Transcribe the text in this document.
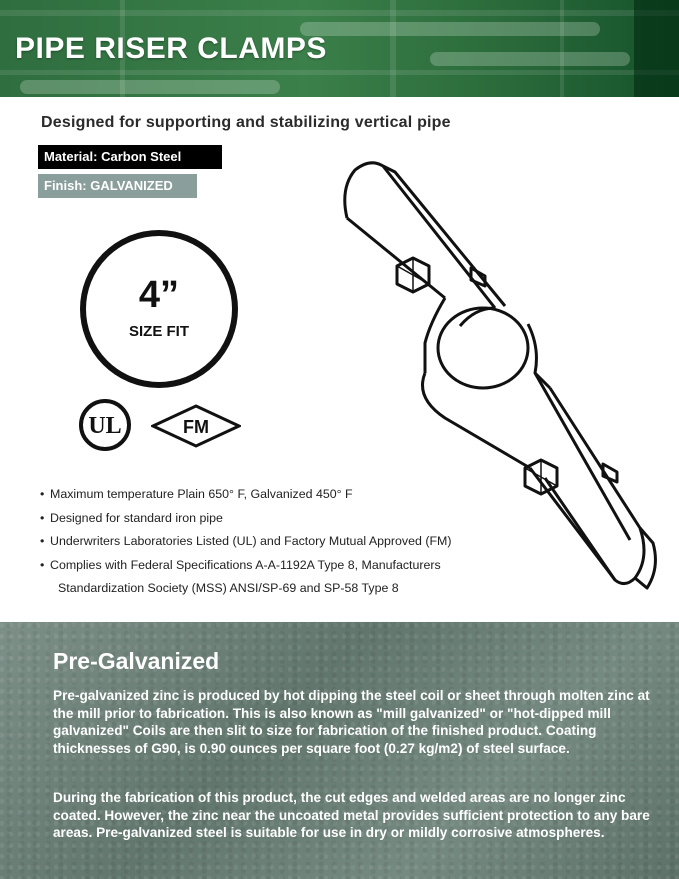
PIPE RISER CLAMPS
Designed for supporting and stabilizing vertical pipe
Material: Carbon Steel
Finish: GALVANIZED
4”
SIZE FIT
UL	FM
• Maximum temperature Plain 650° F, Galvanized 450° F
• Designed for standard iron pipe
• Underwriters Laboratories Listed (UL) and Factory Mutual Approved (FM)
• Complies with Federal Specifications A-A-1192A Type 8, Manufacturers
Standardization Society (MSS) ANSI/SP-69 and SP-58 Type 8
Pre-Galvanized
Pre-galvanized zinc is produced by hot dipping the steel coil or sheet through molten zinc at the mill prior to fabrication. This is also known as "mill galvanized" or "hot-dipped mill galvanized" Coils are then slit to size for fabrication of the finished product. Coating thicknesses of G90, is 0.90 ounces per square foot (0.27 kg/m2) of steel surface.
During the fabrication of this product, the cut edges and welded areas are no longer zinc coated. However, the zinc near the uncoated metal provides sufficient protection to any bare areas. Pre-galvanized steel is suitable for use in dry or mildly corrosive atmospheres.
